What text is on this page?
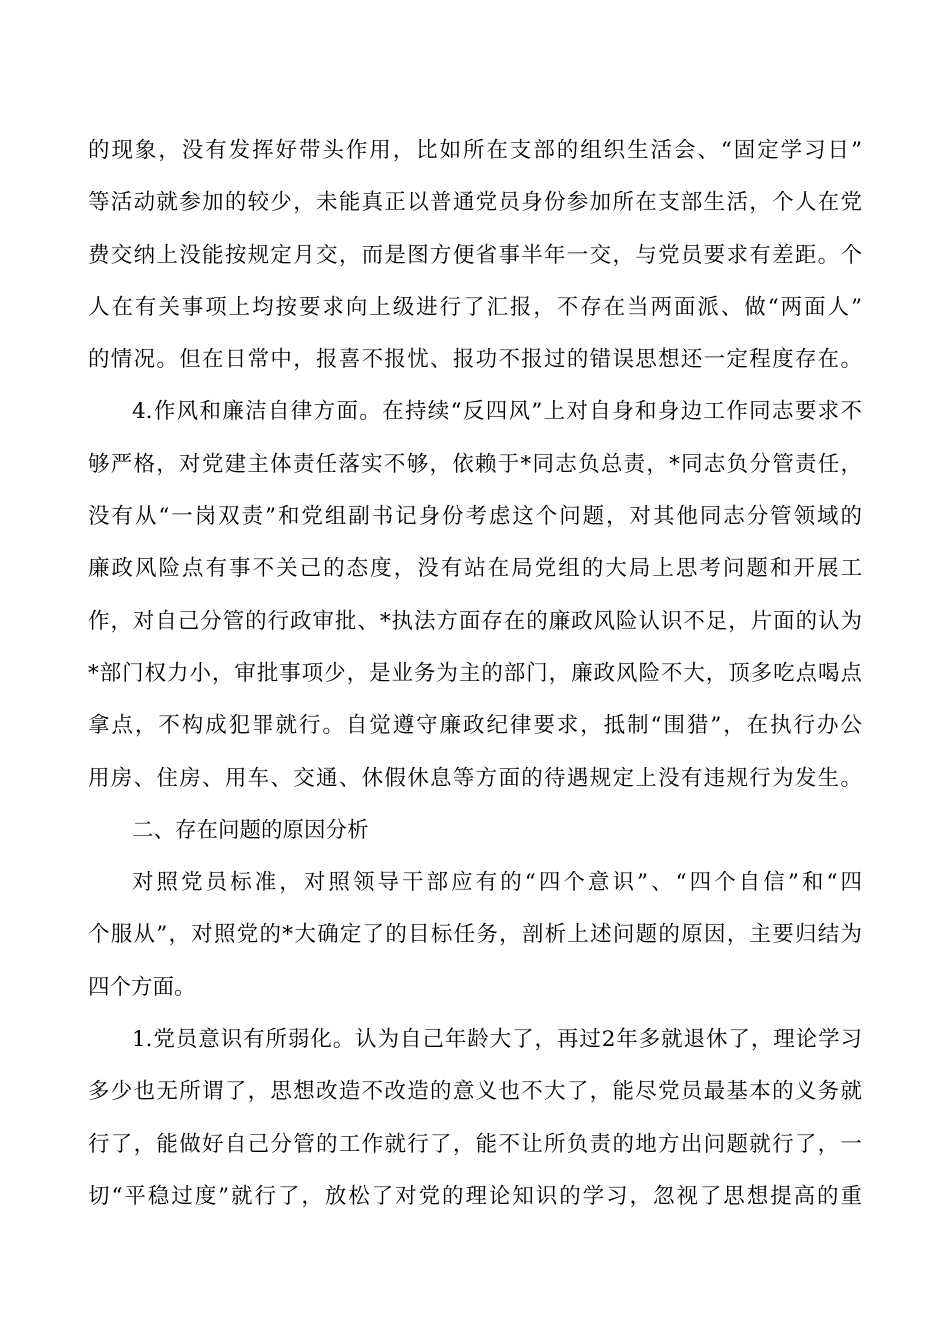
的现象，没有发挥好带头作用，比如所在支部的组织生活会、“固定学习日”
等活动就参加的较少，未能真正以普通党员身份参加所在支部生活，个人在党
费交纳上没能按规定月交，而是图方便省事半年一交，与党员要求有差距。个
人在有关事项上均按要求向上级进行了汇报，不存在当两面派、做“两面人”
的情况。但在日常中，报喜不报忧、报功不报过的错误思想还一定程度存在。
4.作风和廉洁自律方面。在持续“反四风”上对自身和身边工作同志要求不
够严格，对党建主体责任落实不够，依赖于*同志负总责，*同志负分管责任，
没有从“一岗双责”和党组副书记身份考虑这个问题，对其他同志分管领域的
廉政风险点有事不关己的态度，没有站在局党组的大局上思考问题和开展工
作，对自己分管的行政审批、*执法方面存在的廉政风险认识不足，片面的认为
*部门权力小，审批事项少，是业务为主的部门，廉政风险不大，顶多吃点喝点
拿点，不构成犯罪就行。自觉遵守廉政纪律要求，抵制“围猎”，在执行办公
用房、住房、用车、交通、休假休息等方面的待遇规定上没有违规行为发生。
二、存在问题的原因分析
对照党员标准，对照领导干部应有的“四个意识”、“四个自信”和“四
个服从”，对照党的*大确定了的目标任务，剖析上述问题的原因，主要归结为
四个方面。
1.党员意识有所弱化。认为自己年龄大了，再过2年多就退休了，理论学习
多少也无所谓了，思想改造不改造的意义也不大了，能尽党员最基本的义务就
行了，能做好自己分管的工作就行了，能不让所负责的地方出问题就行了，一
切“平稳过度”就行了，放松了对党的理论知识的学习，忽视了思想提高的重
